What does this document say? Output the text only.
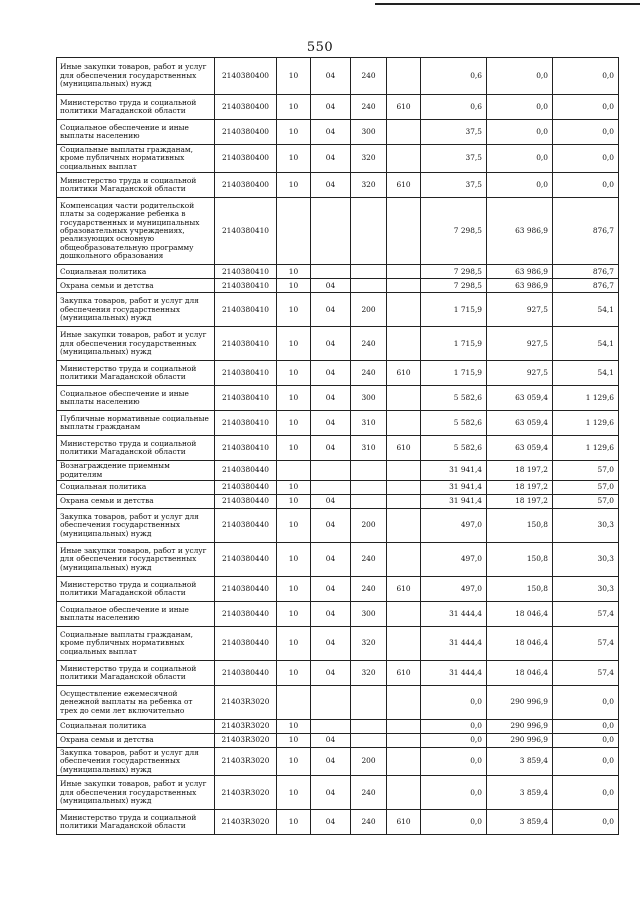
550
Иные закупки товаров, работ и услуг для обеспечения государственных (муниципальных) нужд	2140380400	10	04	240		0,6	0,0	0,0
Министерство труда и социальной политики Магаданской области	2140380400	10	04	240	610	0,6	0,0	0,0
Социальное обеспечение и иные выплаты населению	2140380400	10	04	300		37,5	0,0	0,0
Социальные выплаты гражданам, кроме публичных нормативных социальных выплат	2140380400	10	04	320		37,5	0,0	0,0
Министерство труда и социальной политики Магаданской области	2140380400	10	04	320	610	37,5	0,0	0,0
Компенсация части родительской платы за содержание ребенка в государственных и муниципальных образовательных учреждениях, реализующих основную общеобразовательную программу дошкольного образования	2140380410					7 298,5	63 986,9	876,7
Социальная политика	2140380410	10				7 298,5	63 986,9	876,7
Охрана семьи и детства	2140380410	10	04			7 298,5	63 986,9	876,7
Закупка товаров, работ и услуг для обеспечения государственных (муниципальных) нужд	2140380410	10	04	200		1 715,9	927,5	54,1
Иные закупки товаров, работ и услуг для обеспечения государственных (муниципальных) нужд	2140380410	10	04	240		1 715,9	927,5	54,1
Министерство труда и социальной политики Магаданской области	2140380410	10	04	240	610	1 715,9	927,5	54,1
Социальное обеспечение и иные выплаты населению	2140380410	10	04	300		5 582,6	63 059,4	1 129,6
Публичные нормативные социальные выплаты гражданам	2140380410	10	04	310		5 582,6	63 059,4	1 129,6
Министерство труда и социальной политики Магаданской области	2140380410	10	04	310	610	5 582,6	63 059,4	1 129,6
Вознаграждение приемным родителям	2140380440					31 941,4	18 197,2	57,0
Социальная политика	2140380440	10				31 941,4	18 197,2	57,0
Охрана семьи и детства	2140380440	10	04			31 941,4	18 197,2	57,0
Закупка товаров, работ и услуг для обеспечения государственных (муниципальных) нужд	2140380440	10	04	200		497,0	150,8	30,3
Иные закупки товаров, работ и услуг для обеспечения государственных (муниципальных) нужд	2140380440	10	04	240		497,0	150,8	30,3
Министерство труда и социальной политики Магаданской области	2140380440	10	04	240	610	497,0	150,8	30,3
Социальное обеспечение и иные выплаты населению	2140380440	10	04	300		31 444,4	18 046,4	57,4
Социальные выплаты гражданам, кроме публичных нормативных социальных выплат	2140380440	10	04	320		31 444,4	18 046,4	57,4
Министерство труда и социальной политики Магаданской области	2140380440	10	04	320	610	31 444,4	18 046,4	57,4
Осуществление ежемесячной денежной выплаты на ребенка от трех до семи лет включительно	21403R3020					0,0	290 996,9	0,0
Социальная политика	21403R3020	10				0,0	290 996,9	0,0
Охрана семьи и детства	21403R3020	10	04			0,0	290 996,9	0,0
Закупка товаров, работ и услуг для обеспечения государственных (муниципальных) нужд	21403R3020	10	04	200		0,0	3 859,4	0,0
Иные закупки товаров, работ и услуг для обеспечения государственных (муниципальных) нужд	21403R3020	10	04	240		0,0	3 859,4	0,0
Министерство труда и социальной политики Магаданской области	21403R3020	10	04	240	610	0,0	3 859,4	0,0
